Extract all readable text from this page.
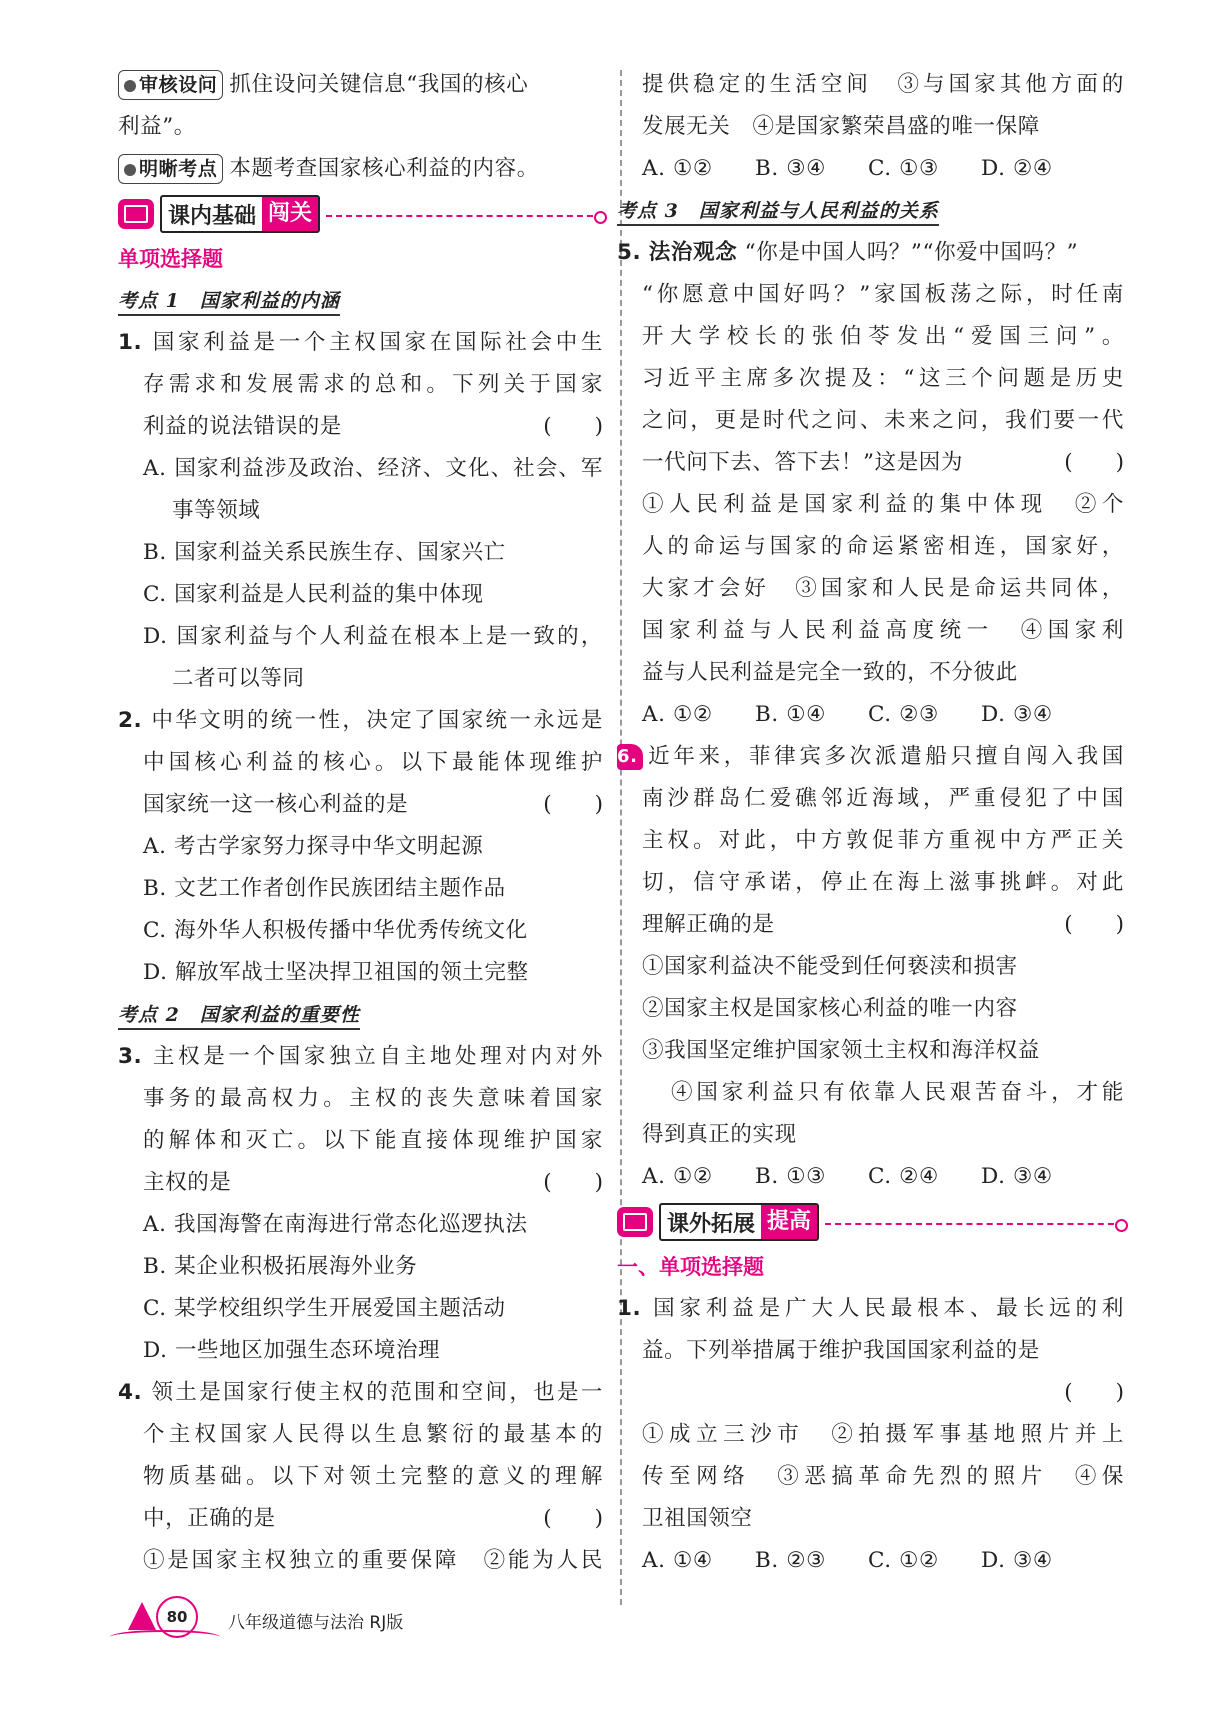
审核设问 抓住设问关键信息“我国的核心
利益”。
明晰考点 本题考查国家核心利益的内容。
课内基础 闯关
单项选择题
考点 1　国家利益的内涵
1. 国家利益是一个主权国家在国际社会中生
存需求和发展需求的总和。下列关于国家
利益的说法错误的是	(　　)
A. 国家利益涉及政治、经济、文化、社会、军
事等领域
B. 国家利益关系民族生存、国家兴亡
C. 国家利益是人民利益的集中体现
D. 国家利益与个人利益在根本上是一致的，
二者可以等同
2. 中华文明的统一性，决定了国家统一永远是
中国核心利益的核心。以下最能体现维护
国家统一这一核心利益的是	(　　)
A. 考古学家努力探寻中华文明起源
B. 文艺工作者创作民族团结主题作品
C. 海外华人积极传播中华优秀传统文化
D. 解放军战士坚决捍卫祖国的领土完整
考点 2　国家利益的重要性
3. 主权是一个国家独立自主地处理对内对外
事务的最高权力。主权的丧失意味着国家
的解体和灭亡。以下能直接体现维护国家
主权的是	(　　)
A. 我国海警在南海进行常态化巡逻执法
B. 某企业积极拓展海外业务
C. 某学校组织学生开展爱国主题活动
D. 一些地区加强生态环境治理
4. 领土是国家行使主权的范围和空间，也是一
个主权国家人民得以生息繁衍的最基本的
物质基础。以下对领土完整的意义的理解
中，正确的是	(　　)
①是国家主权独立的重要保障　②能为人民
提供稳定的生活空间　③与国家其他方面的
发展无关　④是国家繁荣昌盛的唯一保障
A. ①②	B. ③④	C. ①③	D. ②④
考点 3　国家利益与人民利益的关系
5. 法治观念 “你是中国人吗？”“你爱中国吗？”
“你愿意中国好吗？”家国板荡之际，时任南
开大学校长的张伯苓发出“爱国三问”。
习近平主席多次提及：“这三个问题是历史
之问，更是时代之问、未来之问，我们要一代
一代问下去、答下去！”这是因为	(　　)
①人民利益是国家利益的集中体现　②个
人的命运与国家的命运紧密相连，国家好，
大家才会好　③国家和人民是命运共同体，
国家利益与人民利益高度统一　④国家利
益与人民利益是完全一致的，不分彼此
A. ①②	B. ①④	C. ②③	D. ③④
6. 近年来，菲律宾多次派遣船只擅自闯入我国
南沙群岛仁爱礁邻近海域，严重侵犯了中国
主权。对此，中方敦促菲方重视中方严正关
切，信守承诺，停止在海上滋事挑衅。对此
理解正确的是	(　　)
①国家利益决不能受到任何亵渎和损害
②国家主权是国家核心利益的唯一内容
③我国坚定维护国家领土主权和海洋权益
④国家利益只有依靠人民艰苦奋斗，才能
得到真正的实现
A. ①②	B. ①③	C. ②④	D. ③④
课外拓展 提高
一、单项选择题
1. 国家利益是广大人民最根本、最长远的利
益。下列举措属于维护我国国家利益的是
(　　)
①成立三沙市　②拍摄军事基地照片并上
传至网络　③恶搞革命先烈的照片　④保
卫祖国领空
A. ①④	B. ②③	C. ①②	D. ③④
80	八年级道德与法治 RJ版
